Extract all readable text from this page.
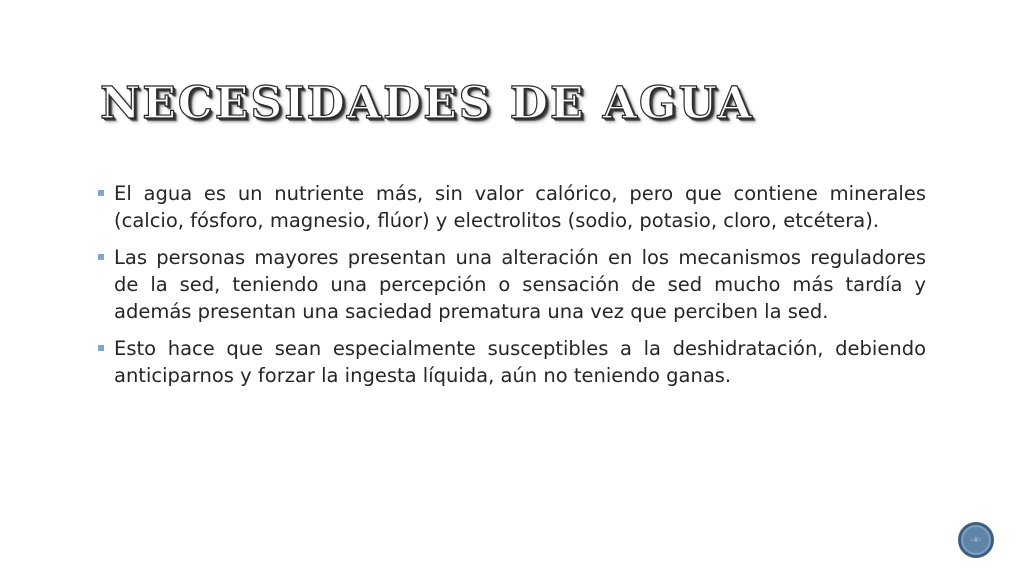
NECESIDADES DE AGUA
El agua es un nutriente más, sin valor calórico, pero que contiene minerales (calcio, fósforo, magnesio, flúor) y electrolitos (sodio, potasio, cloro, etcétera).
Las personas mayores presentan una alteración en los mecanismos reguladores de la sed, teniendo una percepción o sensación de sed mucho más tardía y además presentan una saciedad prematura una vez que perciben la sed.
Esto hace que sean especialmente susceptibles a la deshidratación, debiendo anticiparnos y forzar la ingesta líquida, aún no teniendo ganas.
‹#›
